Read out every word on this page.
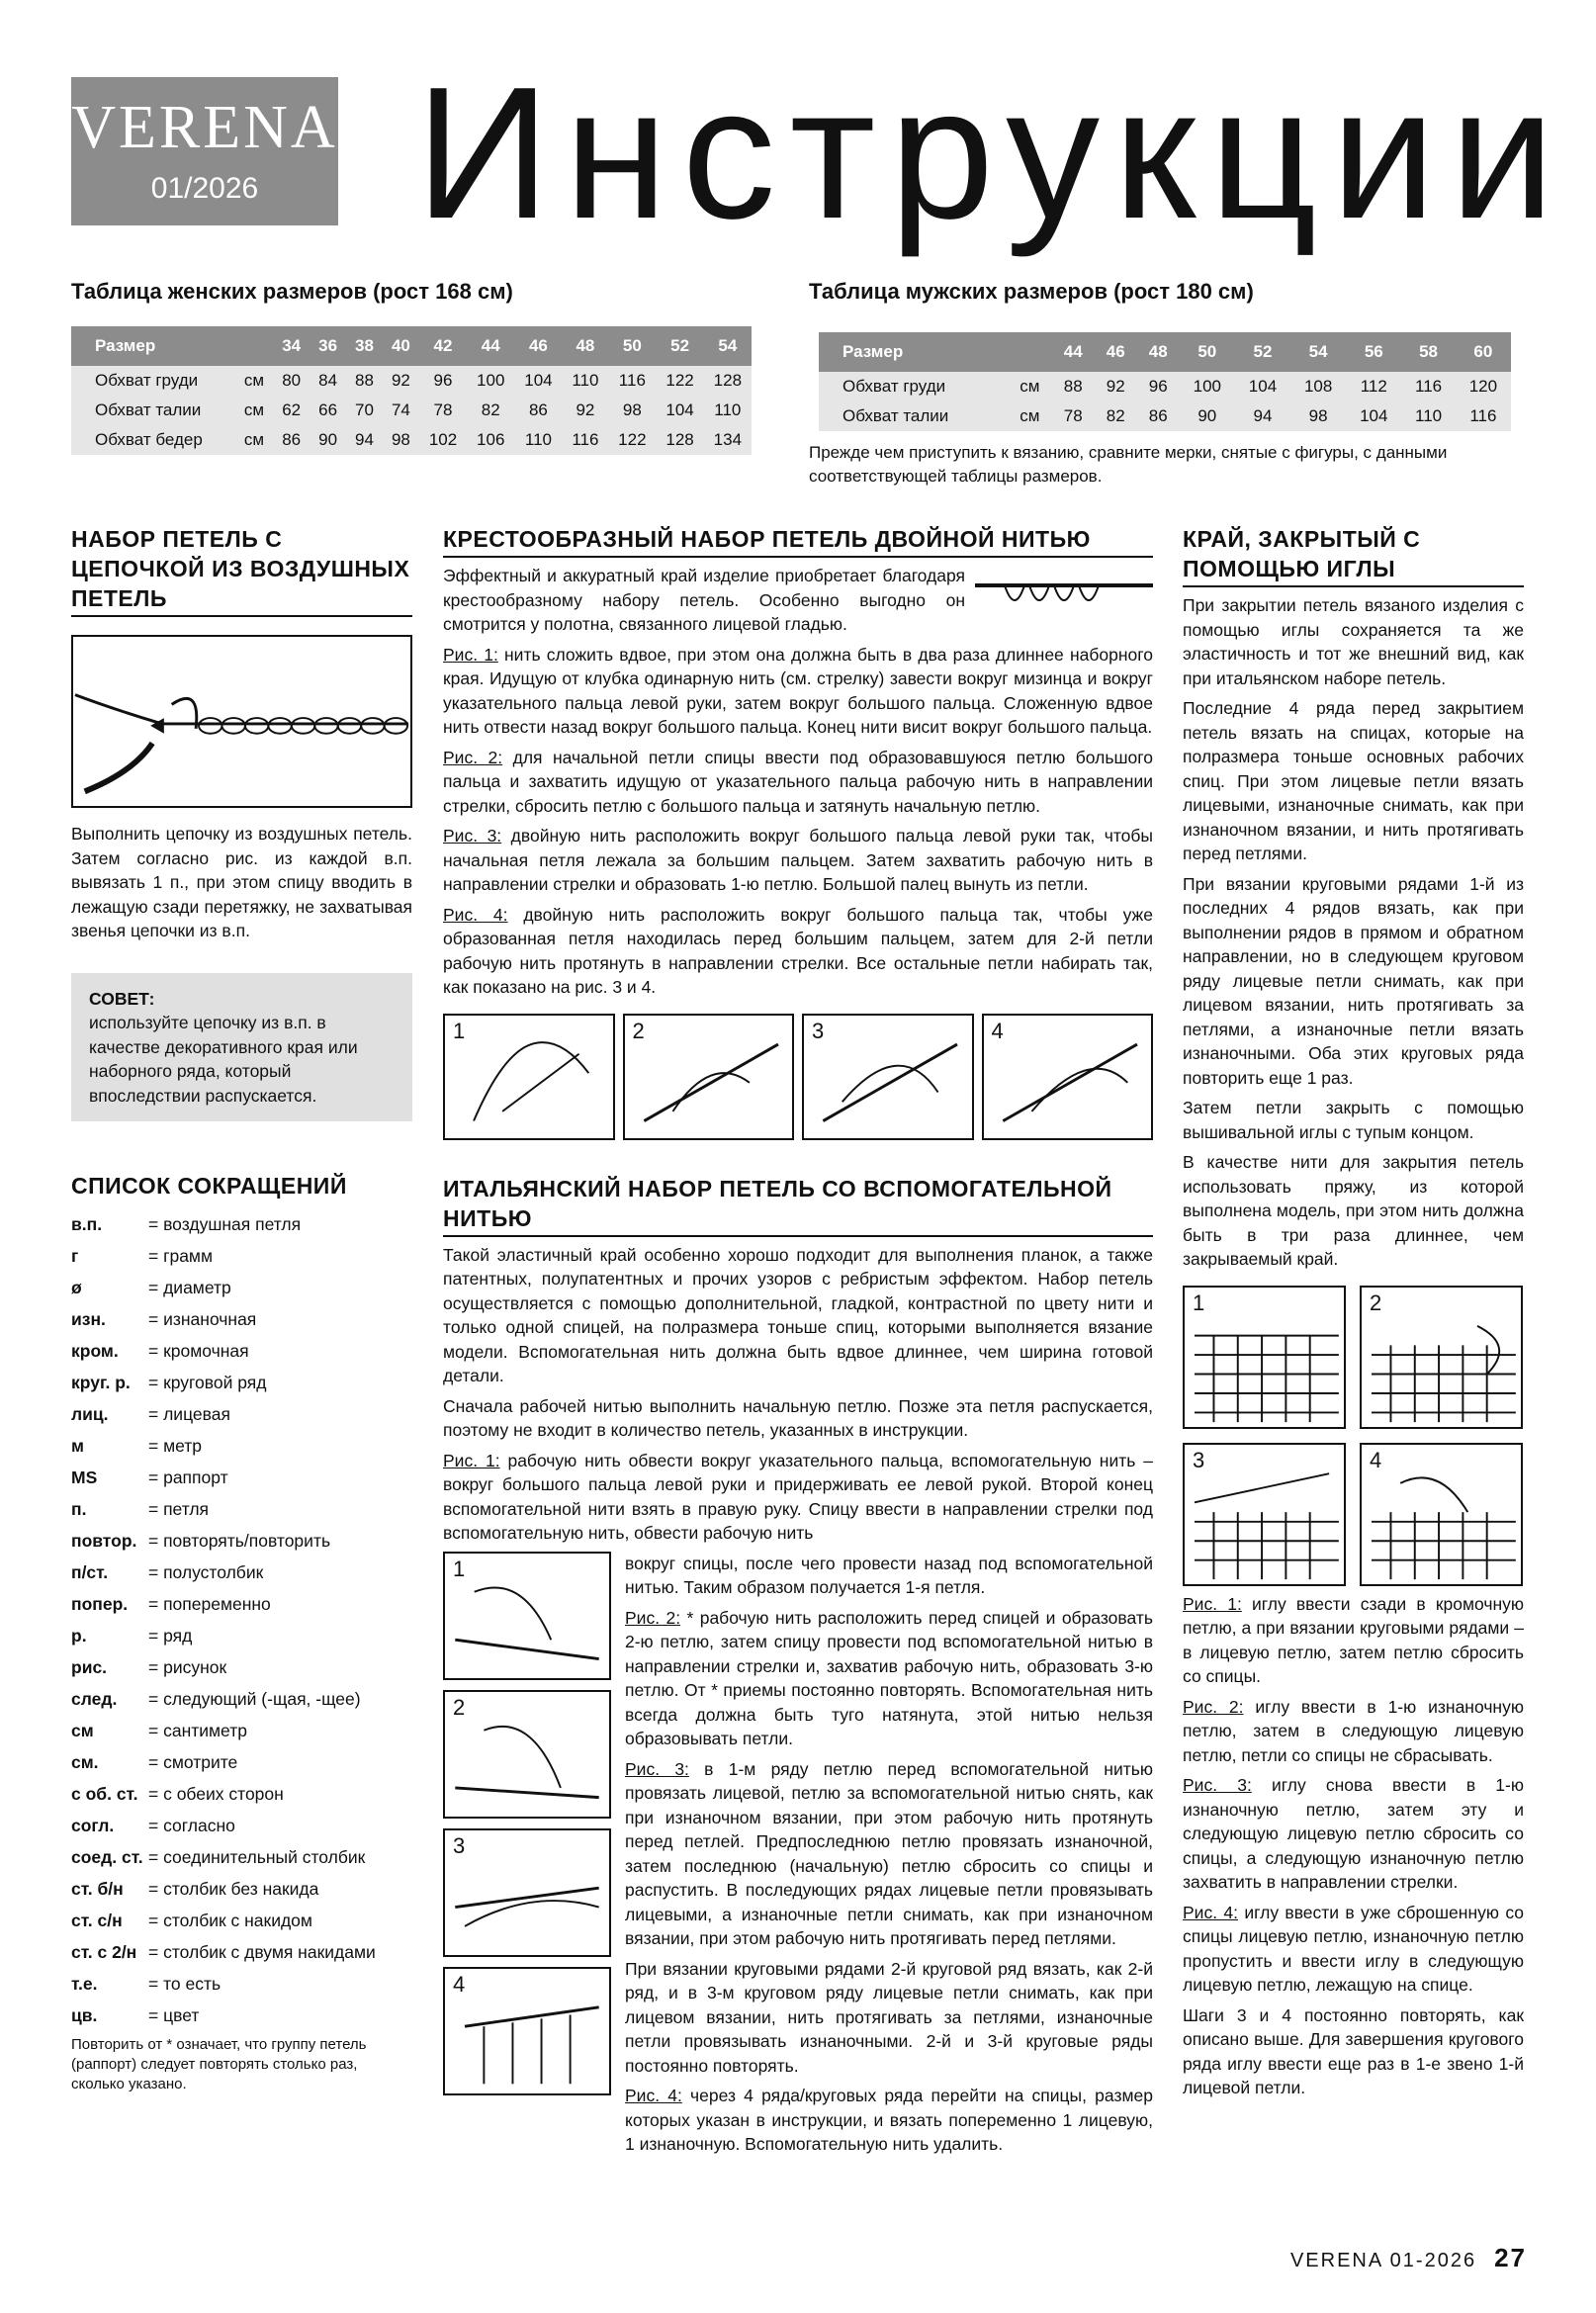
VERENA
01/2026 Инструкции
Таблица женских размеров (рост 168 см)
Размер		34	36	38	40	42	44	46	48	50	52	54
Обхват груди	см	80	84	88	92	96	100	104	110	116	122	128
Обхват талии	см	62	66	70	74	78	82	86	92	98	104	110
Обхват бедер	см	86	90	94	98	102	106	110	116	122	128	134
Таблица мужских размеров (рост 180 см)
Размер		44	46	48	50	52	54	56	58	60
Обхват груди	см	88	92	96	100	104	108	112	116	120
Обхват талии	см	78	82	86	90	94	98	104	110	116
Прежде чем приступить к вязанию, сравните мерки, снятые с фигуры, с данными соответствующей таблицы размеров.
НАБОР ПЕТЕЛЬ С ЦЕПОЧКОЙ ИЗ ВОЗДУШНЫХ ПЕТЕЛЬ

Выполнить цепочку из воздушных петель. Затем согласно рис. из каждой в.п. вывязать 1 п., при этом спицу вводить в лежащую сзади перетяжку, не захватывая звенья цепочки из в.п.

СОВЕТ:
используйте цепочку из в.п. в качестве декоративного края или наборного ряда, который впоследствии распускается.
СПИСОК СОКРАЩЕНИЙ
в.п.	= воздушная петля
г	= грамм
ø	= диаметр
изн.	= изнаночная
кром.	= кромочная
круг. р.	= круговой ряд
лиц.	= лицевая
м	= метр
MS	= раппорт
п.	= петля
повтор. = повторять/повторить
п/ст.	= полустолбик
попер.	= попеременно
р.	= ряд
рис.	= рисунок
след.	= следующий (-щая, -щее)
см	= сантиметр
см.	= смотрите
с об. ст. = с обеих сторон
согл.	= согласно
соед. ст. = соединительный столбик
ст. б/н	= столбик без накида
ст. с/н	= столбик с накидом
ст. с 2/н = столбик с двумя накидами
т.е.	= то есть
цв.	= цвет

Повторить от * означает, что группу петель (раппорт) следует повторять столько раз, сколько указано.

КРЕСТООБРАЗНЫЙ НАБОР ПЕТЕЛЬ ДВОЙНОЙ НИТЬЮ

Эффектный и аккуратный край изделие приобретает благодаря крестообразному набору петель. Особенно выгодно он смотрится у полотна, связанного лицевой гладью.

Рис. 1: нить сложить вдвое, при этом она должна быть в два раза длиннее наборного края. Идущую от клубка одинарную нить (см. стрелку) завести вокруг мизинца и вокруг указательного пальца левой руки, затем вокруг большого пальца. Сложенную вдвое нить отвести назад вокруг большого пальца. Конец нити висит вокруг большого пальца.

Рис. 2: для начальной петли спицы ввести под образовавшуюся петлю большого пальца и захватить идущую от указательного пальца рабочую нить в направлении стрелки, сбросить петлю с большого пальца и затянуть начальную петлю.

Рис. 3: двойную нить расположить вокруг большого пальца левой руки так, чтобы начальная петля лежала за большим пальцем. Затем захватить рабочую нить в направлении стрелки и образовать 1-ю петлю. Большой палец вынуть из петли.

Рис. 4: двойную нить расположить вокруг большого пальца так, чтобы уже образованная петля находилась перед большим пальцем, затем для 2-й петли рабочую нить протянуть в направлении стрелки. Все остальные петли набирать так, как показано на рис. 3 и 4.

1	2	3	4
ИТАЛЬЯНСКИЙ НАБОР ПЕТЕЛЬ СО ВСПОМОГАТЕЛЬНОЙ НИТЬЮ

Такой эластичный край особенно хорошо подходит для выполнения планок, а также патентных, полупатентных и прочих узоров с ребристым эффектом. Набор петель осуществляется с помощью дополнительной, гладкой, контрастной по цвету нити и только одной спицей, на полразмера тоньше спиц, которыми выполняется вязание модели. Вспомогательная нить должна быть вдвое длиннее, чем ширина готовой детали.

Сначала рабочей нитью выполнить начальную петлю. Позже эта петля распускается, поэтому не входит в количество петель, указанных в инструкции.

Рис. 1: рабочую нить обвести вокруг указательного пальца, вспомогательную нить – вокруг большого пальца левой руки и придерживать ее левой рукой. Второй конец вспомогательной нити взять в правую руку. Спицу ввести в направлении стрелки под вспомогательную нить, обвести рабочую нить

1
2
3
4

вокруг спицы, после чего провести назад под вспомогательной нитью. Таким образом получается 1-я петля.

Рис. 2: * рабочую нить расположить перед спицей и образовать 2-ю петлю, затем спицу провести под вспомогательной нитью в направлении стрелки и, захватив рабочую нить, образовать 3-ю петлю. От * приемы постоянно повторять. Вспомогательная нить всегда должна быть туго натянута, этой нитью нельзя образовывать петли.

Рис. 3: в 1-м ряду петлю перед вспомогательной нитью провязать лицевой, петлю за вспомогательной нитью снять, как при изнаночном вязании, при этом рабочую нить протянуть перед петлей. Предпоследнюю петлю провязать изнаночной, затем последнюю (начальную) петлю сбросить со спицы и распустить. В последующих рядах лицевые петли провязывать лицевыми, а изнаночные петли снимать, как при изнаночном вязании, при этом рабочую нить протягивать перед петлями.

При вязании круговыми рядами 2-й круговой ряд вязать, как 2-й ряд, и в 3-м круговом ряду лицевые петли снимать, как при лицевом вязании, нить протягивать за петлями, изнаночные петли провязывать изнаночными. 2-й и 3-й круговые ряды постоянно повторять.

Рис. 4: через 4 ряда/круговых ряда перейти на спицы, размер которых указан в инструкции, и вязать попеременно 1 лицевую, 1 изнаночную. Вспомогательную нить удалить.

КРАЙ, ЗАКРЫТЫЙ С ПОМОЩЬЮ ИГЛЫ

При закрытии петель вязаного изделия с помощью иглы сохраняется та же эластичность и тот же внешний вид, как при итальянском наборе петель.

Последние 4 ряда перед закрытием петель вязать на спицах, которые на полразмера тоньше основных рабочих спиц. При этом лицевые петли вязать лицевыми, изнаночные снимать, как при изнаночном вязании, и нить протягивать перед петлями.

При вязании круговыми рядами 1-й из последних 4 рядов вязать, как при выполнении рядов в прямом и обратном направлении, но в следующем круговом ряду лицевые петли снимать, как при лицевом вязании, нить протягивать за петлями, а изнаночные петли вязать изнаночными. Оба этих круговых ряда повторить еще 1 раз.

Затем петли закрыть с помощью вышивальной иглы с тупым концом.

В качестве нити для закрытия петель использовать пряжу, из которой выполнена модель, при этом нить должна быть в три раза длиннее, чем закрываемый край.

1	2
3	4

Рис. 1: иглу ввести сзади в кромочную петлю, а при вязании круговыми рядами – в лицевую петлю, затем петлю сбросить со спицы.

Рис. 2: иглу ввести в 1-ю изнаночную петлю, затем в следующую лицевую петлю, петли со спицы не сбрасывать.

Рис. 3: иглу снова ввести в 1-ю изнаночную петлю, затем эту и следующую лицевую петлю сбросить со спицы, а следующую изнаночную петлю захватить в направлении стрелки.

Рис. 4: иглу ввести в уже сброшенную со спицы лицевую петлю, изнаночную петлю пропустить и ввести иглу в следующую лицевую петлю, лежащую на спице.

Шаги 3 и 4 постоянно повторять, как описано выше. Для завершения кругового ряда иглу ввести еще раз в 1-е звено 1-й лицевой петли.

VERENA 01-2026 27
